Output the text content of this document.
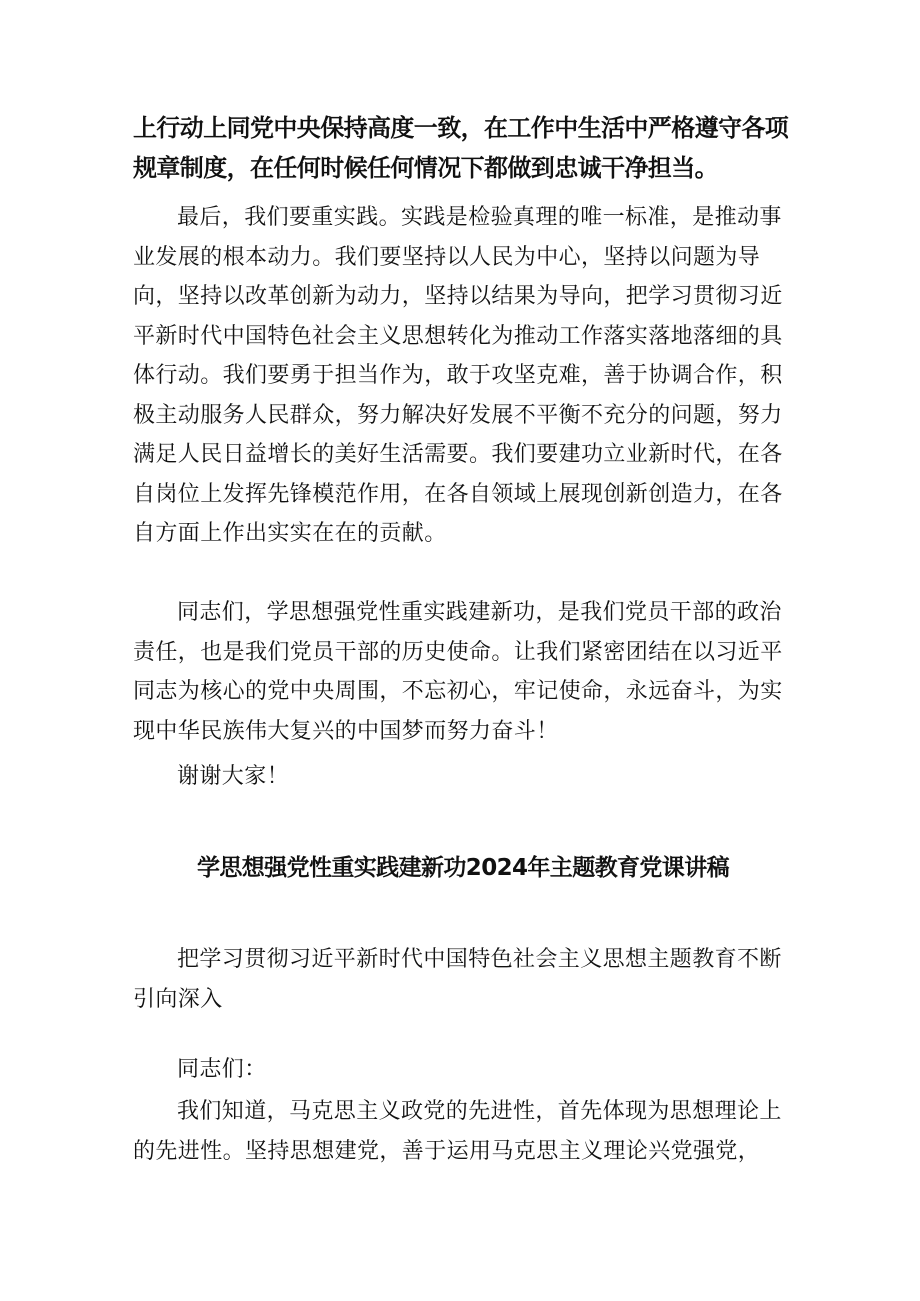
上行动上同党中央保持高度一致，在工作中生活中严格遵守各项规章制度，在任何时候任何情况下都做到忠诚干净担当。

最后，我们要重实践。实践是检验真理的唯一标准，是推动事业发展的根本动力。我们要坚持以人民为中心，坚持以问题为导向，坚持以改革创新为动力，坚持以结果为导向，把学习贯彻习近平新时代中国特色社会主义思想转化为推动工作落实落地落细的具体行动。我们要勇于担当作为，敢于攻坚克难，善于协调合作，积极主动服务人民群众，努力解决好发展不平衡不充分的问题，努力满足人民日益增长的美好生活需要。我们要建功立业新时代，在各自岗位上发挥先锋模范作用，在各自领域上展现创新创造力，在各自方面上作出实实在在的贡献。

同志们，学思想强党性重实践建新功，是我们党员干部的政治责任，也是我们党员干部的历史使命。让我们紧密团结在以习近平同志为核心的党中央周围，不忘初心，牢记使命，永远奋斗，为实现中华民族伟大复兴的中国梦而努力奋斗！

谢谢大家！

学思想强党性重实践建新功2024年主题教育党课讲稿

把学习贯彻习近平新时代中国特色社会主义思想主题教育不断引向深入

同志们：

我们知道，马克思主义政党的先进性，首先体现为思想理论上的先进性。坚持思想建党，善于运用马克思主义理论兴党强党，
